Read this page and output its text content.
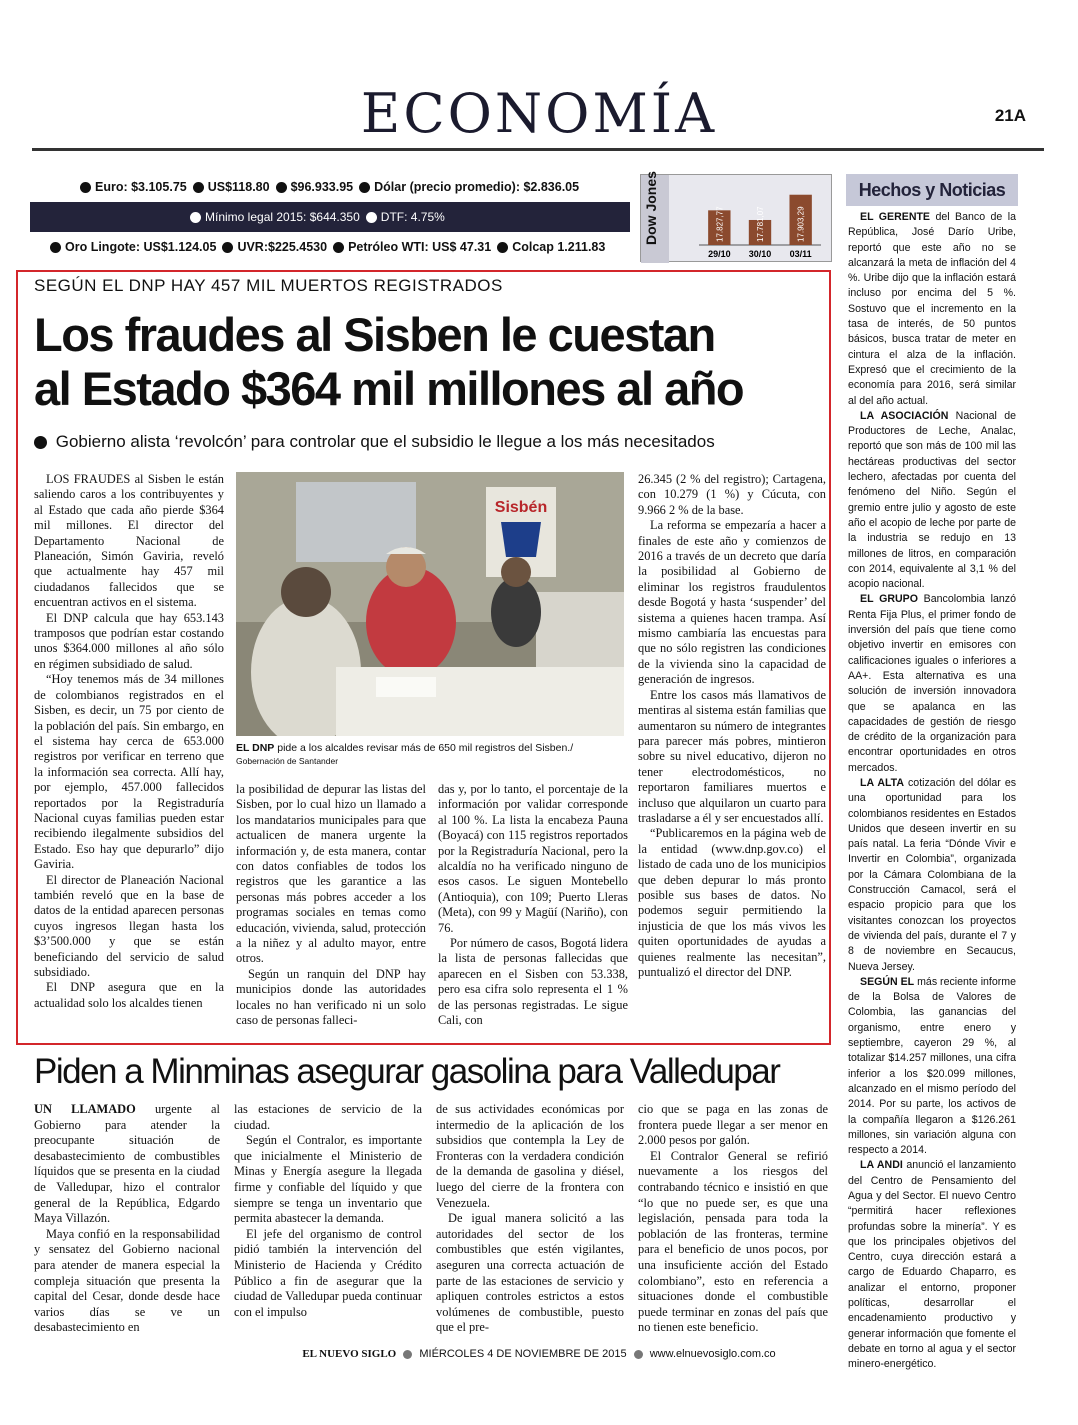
ECONOMÍA	21A
Euro: $3.105.75	US$118.80	$96.933.95	Dólar (precio promedio): $2.836.05
Mínimo legal 2015: $644.350	DTF: 4.75%
Oro Lingote: US$1.124.05	UVR:$225.4530	Petróleo WTI: US$ 47.31	Colcap 1.211.83
Dow Jones	17.827,77
29/10
17.781,07
30/10
17.903,29
03/11
Hechos y Noticias

EL GERENTE del Banco de la República, José Darío Uribe, reportó que este año no se alcanzará la meta de inflación del 4 %. Uribe dijo que la inflación estará incluso por encima del 5 %. Sostuvo que el incremento en la tasa de interés, de 50 puntos básicos, busca tratar de meter en cintura el alza de la inflación. Expresó que el crecimiento de la economía para 2016, será similar al del año actual.

LA ASOCIACIÓN Nacional de Productores de Leche, Analac, reportó que son más de 100 mil las hectáreas productivas del sector lechero, afectadas por cuenta del fenómeno del Niño. Según el gremio entre julio y agosto de este año el acopio de leche por parte de la industria se redujo en 13 millones de litros, en comparación con 2014, equivalente al 3,1 % del acopio nacional.

EL GRUPO Bancolombia lanzó Renta Fija Plus, el primer fondo de inversión del país que tiene como objetivo invertir en emisores con calificaciones iguales o inferiores a AA+. Esta alternativa es una solución de inversión innovadora que se apalanca en las capacidades de gestión de riesgo de crédito de la organización para encontrar oportunidades en otros mercados.

LA ALTA cotización del dólar es una oportunidad para los colombianos residentes en Estados Unidos que deseen invertir en su país natal. La feria “Dónde Vivir e Invertir en Colombia”, organizada por la Cámara Colombiana de la Construcción Camacol, será el espacio propicio para que los visitantes conozcan los proyectos de vivienda del país, durante el 7 y 8 de noviembre en Secaucus, Nueva Jersey.

SEGÚN EL más reciente informe de la Bolsa de Valores de Colombia, las ganancias del organismo, entre enero y septiembre, cayeron 29 %, al totalizar $14.257 millones, una cifra inferior a los $20.099 millones, alcanzado en el mismo período del 2014. Por su parte, los activos de la compañía llegaron a $126.261 millones, sin variación alguna con respecto a 2014.

LA ANDI anunció el lanzamiento del Centro de Pensamiento del Agua y del Sector. El nuevo Centro “permitirá hacer reflexiones profundas sobre la minería”. Y es que los principales objetivos del Centro, cuya dirección estará a cargo de Eduardo Chaparro, es analizar el entorno, proponer políticas, desarrollar el encadenamiento productivo y generar información que fomente el debate en torno al agua y el sector minero-energético.

SEGÚN EL DNP HAY 457 MIL MUERTOS REGISTRADOS
Los fraudes al Sisben le cuestan
al Estado $364 mil millones al año
Gobierno alista ‘revolcón’ para controlar que el subsidio le llegue a los más necesitados

LOS FRAUDES al Sisben le están saliendo caros a los contribuyentes y al Estado que cada año pierde $364 mil millones. El director del Departamento Nacional de Planeación, Simón Gaviria, reveló que actualmente hay 457 mil ciudadanos fallecidos que se encuentran activos en el sistema.

El DNP calcula que hay 653.143 tramposos que podrían estar costando unos $364.000 millones al año sólo en régimen subsidiado de salud.

“Hoy tenemos más de 34 millones de colombianos registrados en el Sisben, es decir, un 75 por ciento de la población del país. Sin embargo, en el sistema hay cerca de 653.000 registros por verificar en terreno que la información sea correcta. Allí hay, por ejemplo, 457.000 fallecidos reportados por la Registraduría Nacional cuyas familias pueden estar recibiendo ilegalmente subsidios del Estado. Eso hay que depurarlo” dijo Gaviria.

El director de Planeación Nacional también reveló que en la base de datos de la entidad aparecen personas cuyos ingresos llegan hasta los $3’500.000 y que se están beneficiando del servicio de salud subsidiado.

El DNP asegura que en la actualidad solo los alcaldes tienen

Sisbén
EL DNP pide a los alcaldes revisar más de 650 mil registros del Sisben./
Gobernación de Santander

la posibilidad de depurar las listas del Sisben, por lo cual hizo un llamado a los mandatarios municipales para que actualicen de manera urgente la información y, de esta manera, contar con datos confiables de todos los registros que les garantice a las personas más pobres acceder a los programas sociales en temas como educación, vivienda, salud, protección a la niñez y al adulto mayor, entre otros.

Según un ranquin del DNP hay municipios donde las autoridades locales no han verificado ni un solo caso de personas falleci-

das y, por lo tanto, el porcentaje de la información por validar corresponde al 100 %. La lista la encabeza Pauna (Boyacá) con 115 registros reportados por la Registraduría Nacional, pero la alcaldía no ha verificado ninguno de esos casos. Le siguen Montebello (Antioquia), con 109; Puerto Lleras (Meta), con 99 y Magüí (Nariño), con 76.

Por número de casos, Bogotá lidera la lista de personas fallecidas que aparecen en el Sisben con 53.338, pero esa cifra solo representa el 1 % de las personas registradas. Le sigue Cali, con

26.345 (2 % del registro); Cartagena, con 10.279 (1 %) y Cúcuta, con 9.966 2 % de la base.

La reforma se empezaría a hacer a finales de este año y comienzos de 2016 a través de un decreto que daría la posibilidad al Gobierno de eliminar los registros fraudulentos desde Bogotá y hasta ‘suspender’ del sistema a quienes hacen trampa. Así mismo cambiaría las encuestas para que no sólo registren las condiciones de la vivienda sino la capacidad de generación de ingresos.

Entre los casos más llamativos de mentiras al sistema están familias que aumentaron su número de integrantes para parecer más pobres, mintieron sobre su nivel educativo, dijeron no tener electrodomésticos, no reportaron familiares muertos e incluso que alquilaron un cuarto para trasladarse a él y ser encuestados allí.

“Publicaremos en la página web de la entidad (www.dnp.gov.co) el listado de cada uno de los municipios que deben depurar lo más pronto posible sus bases de datos. No podemos seguir permitiendo la injusticia de que los más vivos les quiten oportunidades de ayudas a quienes realmente las necesitan”, puntualizó el director del DNP.

Piden a Minminas asegurar gasolina para Valledupar

UN LLAMADO urgente al Gobierno para atender la preocupante situación de desabastecimiento de combustibles líquidos que se presenta en la ciudad de Valledupar, hizo el contralor general de la República, Edgardo Maya Villazón.

Maya confió en la responsabilidad y sensatez del Gobierno nacional para atender de manera especial la compleja situación que presenta la capital del Cesar, donde desde hace varios días se ve un desabastecimiento en

las estaciones de servicio de la ciudad.

Según el Contralor, es importante que inicialmente el Ministerio de Minas y Energía asegure la llegada firme y confiable del líquido y que siempre se tenga un inventario que permita abastecer la demanda.

El jefe del organismo de control pidió también la intervención del Ministerio de Hacienda y Crédito Público a fin de asegurar que la ciudad de Valledupar pueda continuar con el impulso

de sus actividades económicas por intermedio de la aplicación de los subsidios que contempla la Ley de Fronteras con la verdadera condición de la demanda de gasolina y diésel, luego del cierre de la frontera con Venezuela.

De igual manera solicitó a las autoridades del sector de los combustibles que estén vigilantes, aseguren una correcta actuación de parte de las estaciones de servicio y apliquen controles estrictos a estos volúmenes de combustible, puesto que el pre-

cio que se paga en las zonas de frontera puede llegar a ser menor en 2.000 pesos por galón.

El Contralor General se refirió nuevamente a los riesgos del contrabando técnico e insistió en que “lo que no puede ser, es que una legislación, pensada para toda la población de las fronteras, termine para el beneficio de unos pocos, por una insuficiente acción del Estado colombiano”, esto en referencia a situaciones donde el combustible puede terminar en zonas del país que no tienen este beneficio.

EL NUEVO SIGLO MIÉRCOLES 4 DE NOVIEMBRE DE 2015 www.elnuevosiglo.com.co
